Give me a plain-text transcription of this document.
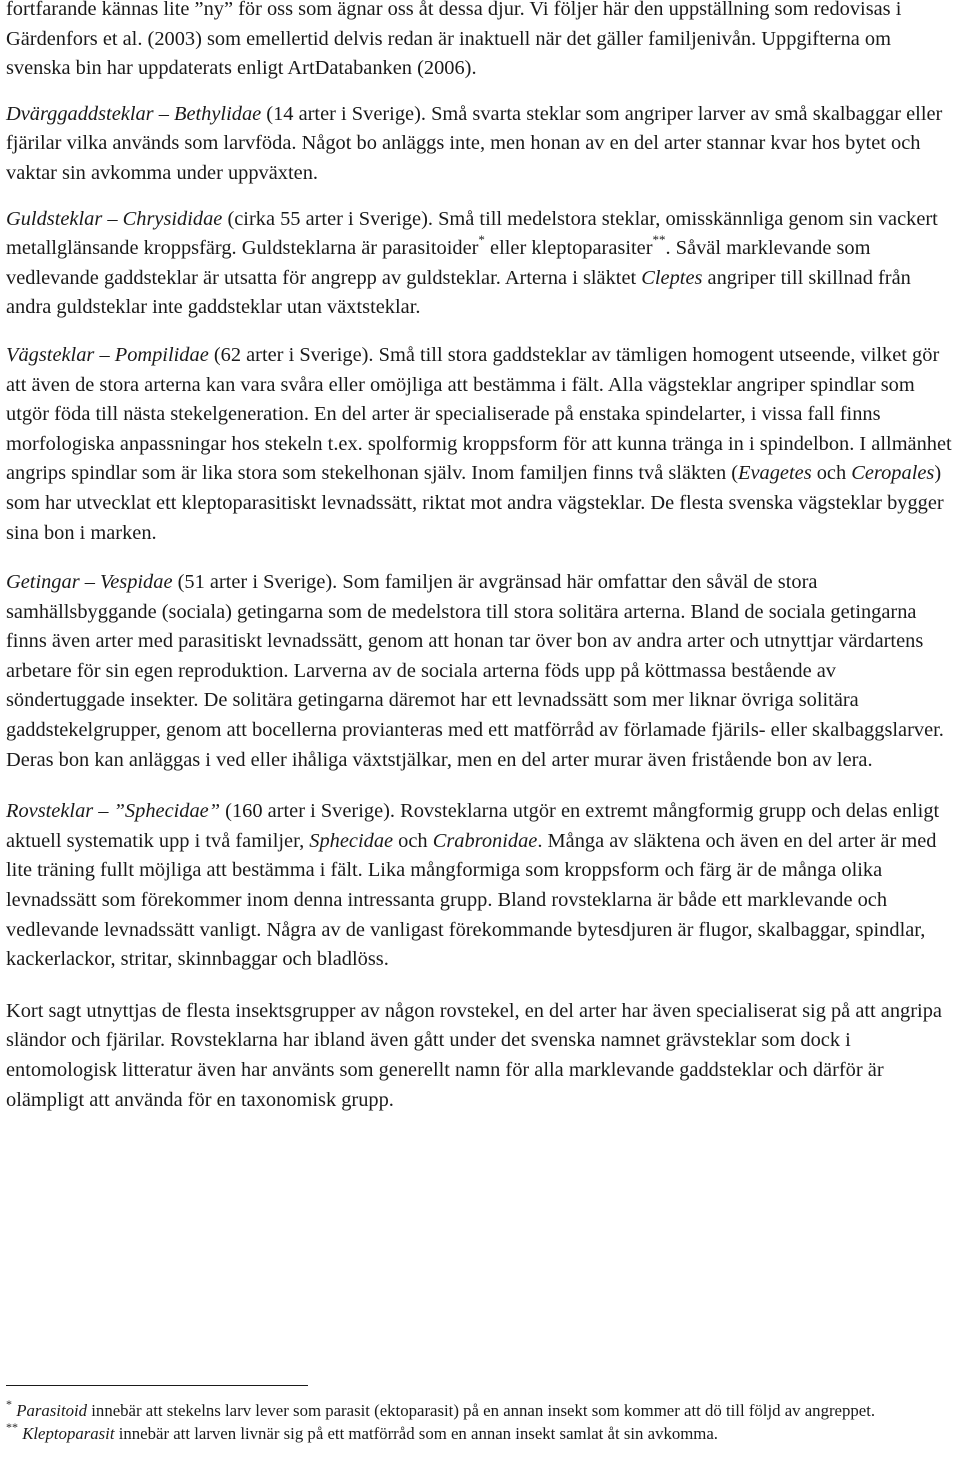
fortfarande kännas lite ”ny” för oss som ägnar oss åt dessa djur. Vi följer här den uppställning som redovisas i Gärdenfors et al. (2003) som emellertid delvis redan är inaktuell när det gäller familjenivån. Uppgifterna om svenska bin har uppdaterats enligt ArtDatabanken (2006).

Dvärggaddsteklar – Bethylidae (14 arter i Sverige). Små svarta steklar som angriper larver av små skalbaggar eller fjärilar vilka används som larvföda. Något bo anläggs inte, men honan av en del arter stannar kvar hos bytet och vaktar sin avkomma under uppväxten.

Guldsteklar – Chrysididae (cirka 55 arter i Sverige). Små till medelstora steklar, omisskännliga genom sin vackert metallglänsande kroppsfärg. Guldsteklarna är parasitoider* eller kleptoparasiter**. Såväl marklevande som vedlevande gaddsteklar är utsatta för angrepp av guldsteklar. Arterna i släktet Cleptes angriper till skillnad från andra guldsteklar inte gaddsteklar utan växtsteklar.

Vägsteklar – Pompilidae (62 arter i Sverige). Små till stora gaddsteklar av tämligen homogent utseende, vilket gör att även de stora arterna kan vara svåra eller omöjliga att bestämma i fält. Alla vägsteklar angriper spindlar som utgör föda till nästa stekelgeneration. En del arter är specialiserade på enstaka spindelarter, i vissa fall finns morfologiska anpassningar hos stekeln t.ex. spolformig kroppsform för att kunna tränga in i spindelbon. I allmänhet angrips spindlar som är lika stora som stekelhonan själv. Inom familjen finns två släkten (Evagetes och Ceropales) som har utvecklat ett kleptoparasitiskt levnadssätt, riktat mot andra vägsteklar. De flesta svenska vägsteklar bygger sina bon i marken.

Getingar – Vespidae (51 arter i Sverige). Som familjen är avgränsad här omfattar den såväl de stora samhällsbyggande (sociala) getingarna som de medelstora till stora solitära arterna. Bland de sociala getingarna finns även arter med parasitiskt levnadssätt, genom att honan tar över bon av andra arter och utnyttjar värdartens arbetare för sin egen reproduktion. Larverna av de sociala arterna föds upp på köttmassa bestående av söndertuggade insekter. De solitära getingarna däremot har ett levnadssätt som mer liknar övriga solitära gaddstekelgrupper, genom att bocellerna provianteras med ett matförråd av förlamade fjärils- eller skalbaggslarver. Deras bon kan anläggas i ved eller ihåliga växtstjälkar, men en del arter murar även fristående bon av lera.

Rovsteklar – ”Sphecidae” (160 arter i Sverige). Rovsteklarna utgör en extremt mångformig grupp och delas enligt aktuell systematik upp i två familjer, Sphecidae och Crabronidae. Många av släktena och även en del arter är med lite träning fullt möjliga att bestämma i fält. Lika mångformiga som kroppsform och färg är de många olika levnadssätt som förekommer inom denna intressanta grupp. Bland rovsteklarna är både ett marklevande och vedlevande levnadssätt vanligt. Några av de vanligast förekommande bytesdjuren är flugor, skalbaggar, spindlar, kackerlackor, stritar, skinnbaggar och bladlöss.

Kort sagt utnyttjas de flesta insektsgrupper av någon rovstekel, en del arter har även specialiserat sig på att angripa sländor och fjärilar. Rovsteklarna har ibland även gått under det svenska namnet grävsteklar som dock i entomologisk litteratur även har använts som generellt namn för alla marklevande gaddsteklar och därför är olämpligt att använda för en taxonomisk grupp.

* Parasitoid innebär att stekelns larv lever som parasit (ektoparasit) på en annan insekt som kommer att dö till följd av angreppet.

** Kleptoparasit innebär att larven livnär sig på ett matförråd som en annan insekt samlat åt sin avkomma.
